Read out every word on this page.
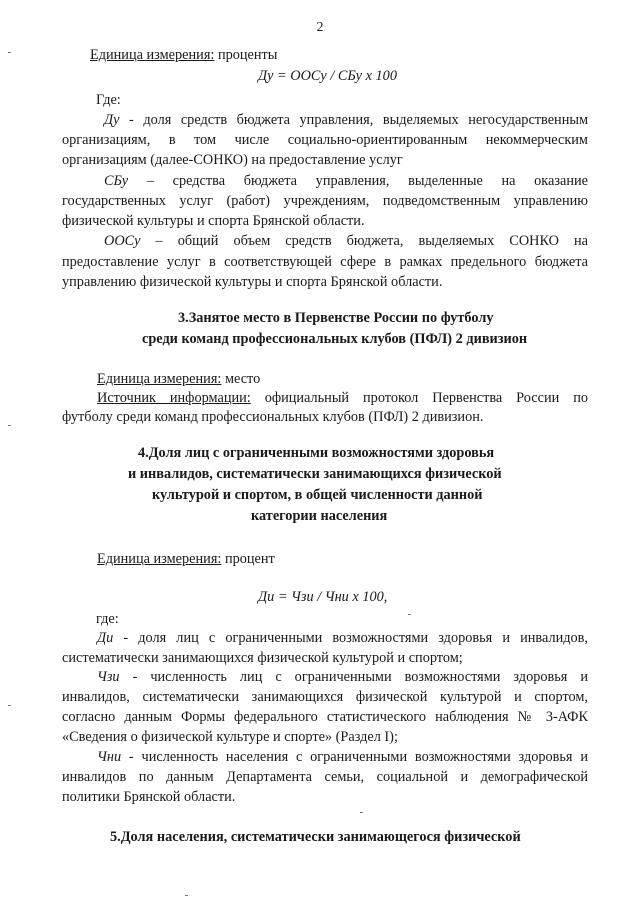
2
Единица измерения: проценты
Ду = ООСу / СБу х 100
Где:
Ду - доля средств бюджета управления, выделяемых негосударственным
организациям, в том числе социально-ориентированным некоммерческим
организациям (далее-СОНКО) на предоставление услуг
СБу – средства бюджета управления, выделенные на оказание
государственных услуг (работ) учреждениям, подведомственным управлению
физической культуры и спорта Брянской области.
ООСу – общий объем средств бюджета, выделяемых СОНКО на
предоставление услуг в соответствующей сфере в рамках предельного бюджета
управлению физической культуры и спорта Брянской области.
3.Занятое место в Первенстве России по футболу
среди команд профессиональных клубов (ПФЛ) 2 дивизион
Единица измерения: место
Источник информации: официальный протокол Первенства России по
футболу среди команд профессиональных клубов (ПФЛ) 2 дивизион.
4.Доля лиц с ограниченными возможностями здоровья
и инвалидов, систематически занимающихся физической
культурой и спортом, в общей численности данной
категории населения
Единица измерения: процент
Ди = Чзи / Чни х 100,
где:
Ди - доля лиц с ограниченными возможностями здоровья и инвалидов,
систематически занимающихся физической культурой и спортом;
Чзи - численность лиц с ограниченными возможностями здоровья и
инвалидов, систематически занимающихся физической культурой и спортом,
согласно данным Формы федерального статистического наблюдения № 3-АФК
«Сведения о физической культуре и спорте» (Раздел I);
Чни - численность населения с ограниченными возможностями здоровья и
инвалидов по данным Департамента семьи, социальной и демографической
политики Брянской области.
5.Доля населения, систематически занимающегося физической
